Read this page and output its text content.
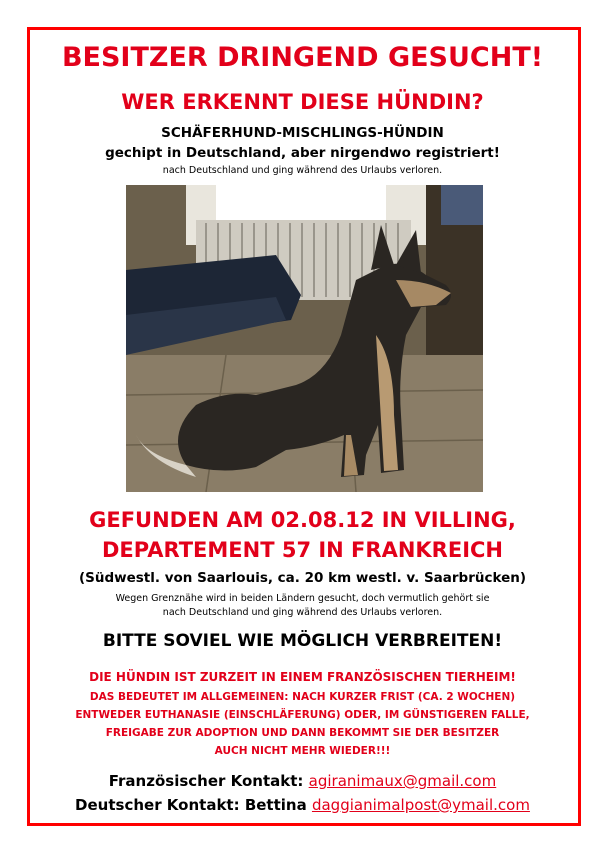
BESITZER DRINGEND GESUCHT!
WER ERKENNT DIESE HÜNDIN?
SCHÄFERHUND-MISCHLINGS-HÜNDIN
gechipt in Deutschland, aber nirgendwo registriert!
nach Deutschland und ging während des Urlaubs verloren.
GEFUNDEN AM 02.08.12 IN VILLING,
DEPARTEMENT 57 IN FRANKREICH
(Südwestl. von Saarlouis, ca. 20 km westl. v. Saarbrücken)
Wegen Grenznähe wird in beiden Ländern gesucht, doch vermutlich gehört sie
nach Deutschland und ging während des Urlaubs verloren.
BITTE SOVIEL WIE MÖGLICH VERBREITEN!
DIE HÜNDIN IST ZURZEIT IN EINEM FRANZÖSISCHEN TIERHEIM!
DAS BEDEUTET IM ALLGEMEINEN: NACH KURZER FRIST (CA. 2 WOCHEN)
ENTWEDER EUTHANASIE (EINSCHLÄFERUNG) ODER, IM GÜNSTIGEREN FALLE,
FREIGABE ZUR ADOPTION UND DANN BEKOMMT SIE DER BESITZER
AUCH NICHT MEHR WIEDER!!!
Französischer Kontakt: agiranimaux@gmail.com
Deutscher Kontakt: Bettina daggianimalpost@ymail.com
